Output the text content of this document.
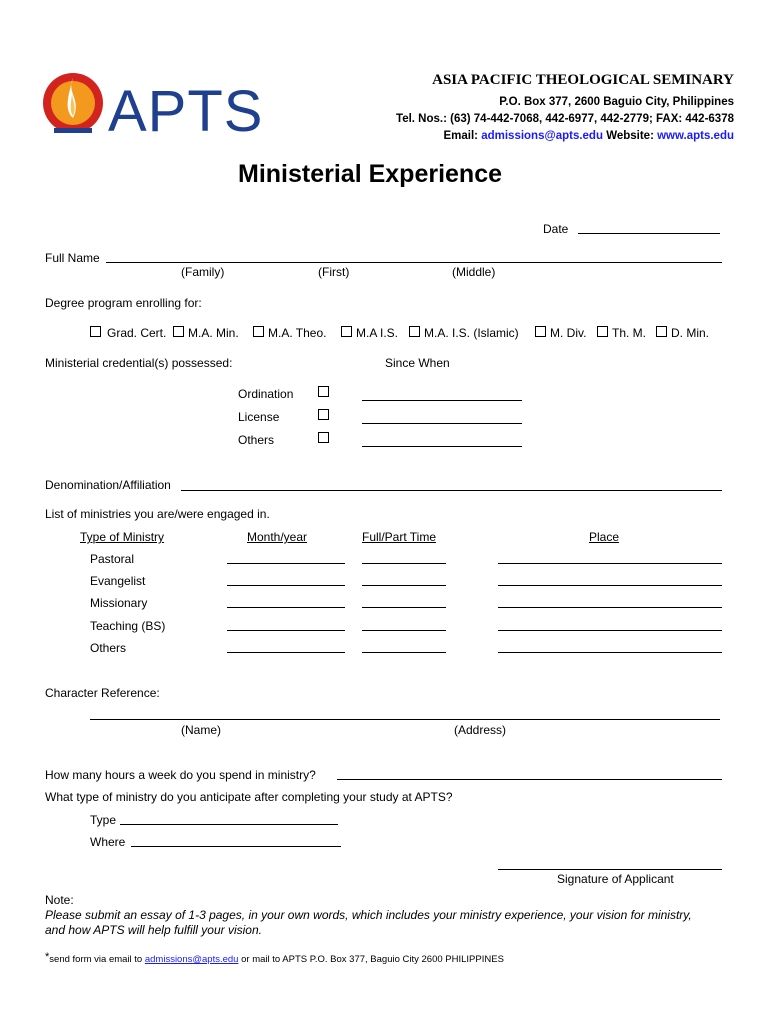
APTS	ASIA PACIFIC THEOLOGICAL SEMINARY
P.O. Box 377, 2600 Baguio City, Philippines
Tel. Nos.: (63) 74-442-7068, 442-6977, 442-2779; FAX: 442-6378
Email: admissions@apts.edu Website: www.apts.edu
Ministerial Experience
Date
Full Name
(Family)	(First)	(Middle)
Degree program enrolling for:
Grad. Cert. M.A. Min. M.A. Theo. M.A I.S. M.A. I.S. (Islamic)	M. Div. Th. M. D. Min.
Ministerial credential(s) possessed:	Since When
Ordination
License
Others
Denomination/Affiliation
List of ministries you are/were engaged in.
Type of Ministry	Month/year	Full/Part Time	Place
Pastoral
Evangelist
Missionary
Teaching (BS)
Others
Character Reference:
(Name)	(Address)
How many hours a week do you spend in ministry?
What type of ministry do you anticipate after completing your study at APTS?
Type
Where
Signature of Applicant
Note:
Please submit an essay of 1-3 pages, in your own words, which includes your ministry experience, your vision for ministry,
and how APTS will help fulfill your vision.
*send form via email to admissions@apts.edu or mail to APTS P.O. Box 377, Baguio City 2600 PHILIPPINES
